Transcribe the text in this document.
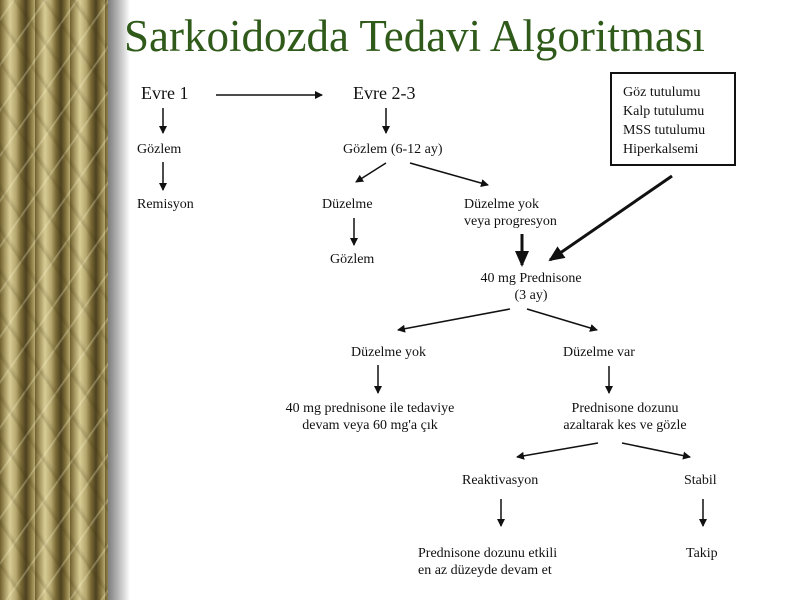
Sarkoidozda Tedavi Algoritması
Evre 1	Evre 2-3
Gözlem
Remisyon
Gözlem (6-12 ay)
Düzelme	Düzelme yok
veya progresyon
Gözlem
Göz tutulumu
Kalp tutulumu
MSS tutulumu
Hiperkalsemi
40 mg Prednisone
(3 ay)
Düzelme yok	Düzelme var
40 mg prednisone ile tedaviye
devam veya 60 mg'a çık
Prednisone dozunu
azaltarak kes ve gözle
Reaktivasyon	Stabil
Prednisone dozunu etkili
en az düzeyde devam et
Takip
